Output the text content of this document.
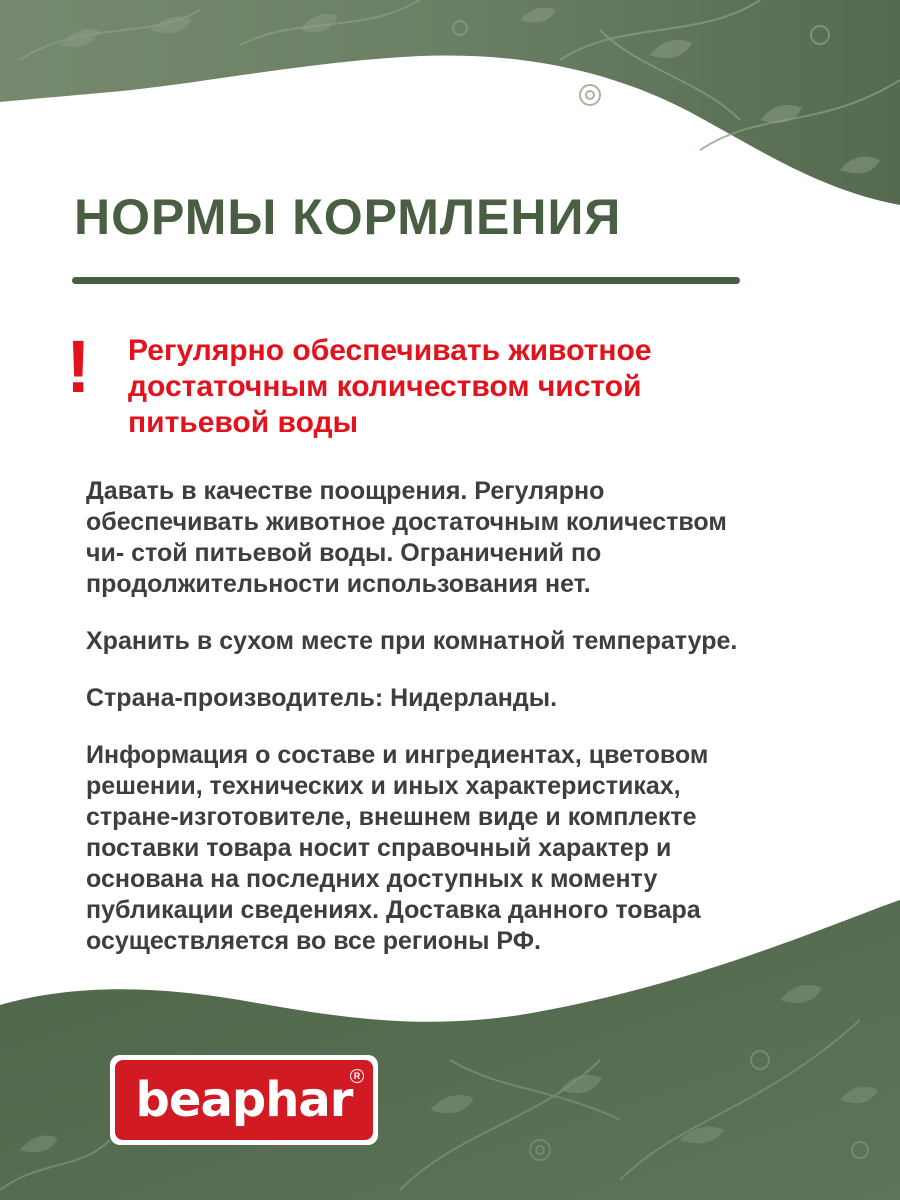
НОРМЫ КОРМЛЕНИЯ
! Регулярно обеспечивать животное
достаточным количеством чистой
питьевой воды

Давать в качестве поощрения. Регулярно
обеспечивать животное достаточным количеством
чи- стой питьевой воды. Ограничений по
продолжительности использования нет.

Хранить в сухом месте при комнатной температуре.

Страна-производитель: Нидерланды.

Информация о составе и ингредиентах, цветовом
решении, технических и иных характеристиках,
стране-изготовителе, внешнем виде и комплекте
поставки товара носит справочный характер и
основана на последних доступных к моменту
публикации сведениях. Доставка данного товара
осуществляется во все регионы РФ.

beaphar R
